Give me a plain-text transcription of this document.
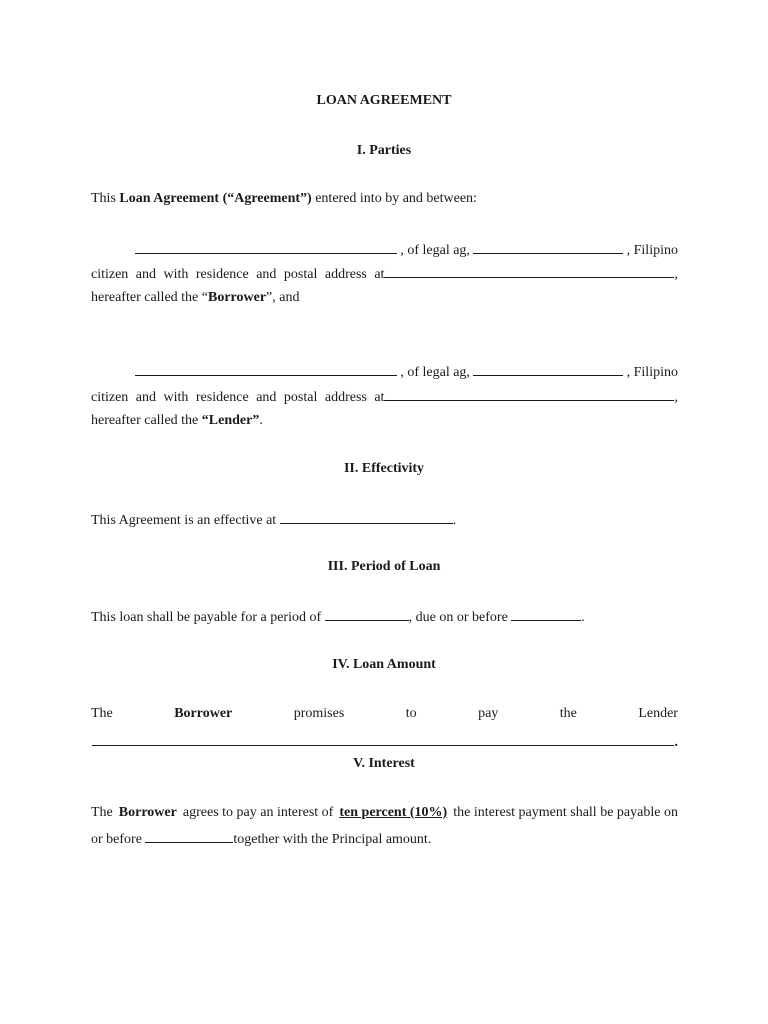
LOAN AGREEMENT
I. Parties
This Loan Agreement (“Agreement”) entered into by and between:
, of legal ag,	, Filipino
citizen and with residence and postal address at	,
hereafter called the “Borrower”, and
, of legal ag,	, Filipino
citizen and with residence and postal address at	,
hereafter called the “Lender”.
II. Effectivity
This Agreement is an effective at	.
III. Period of Loan
This loan shall be payable for a period of	, due on or before	.
IV. Loan Amount
The	Borrower	promises	to	pay	the	Lender
.
V. Interest
The Borrower agrees to pay an interest of ten percent (10%) the interest payment shall be payable on
or before	together with the Principal amount.
